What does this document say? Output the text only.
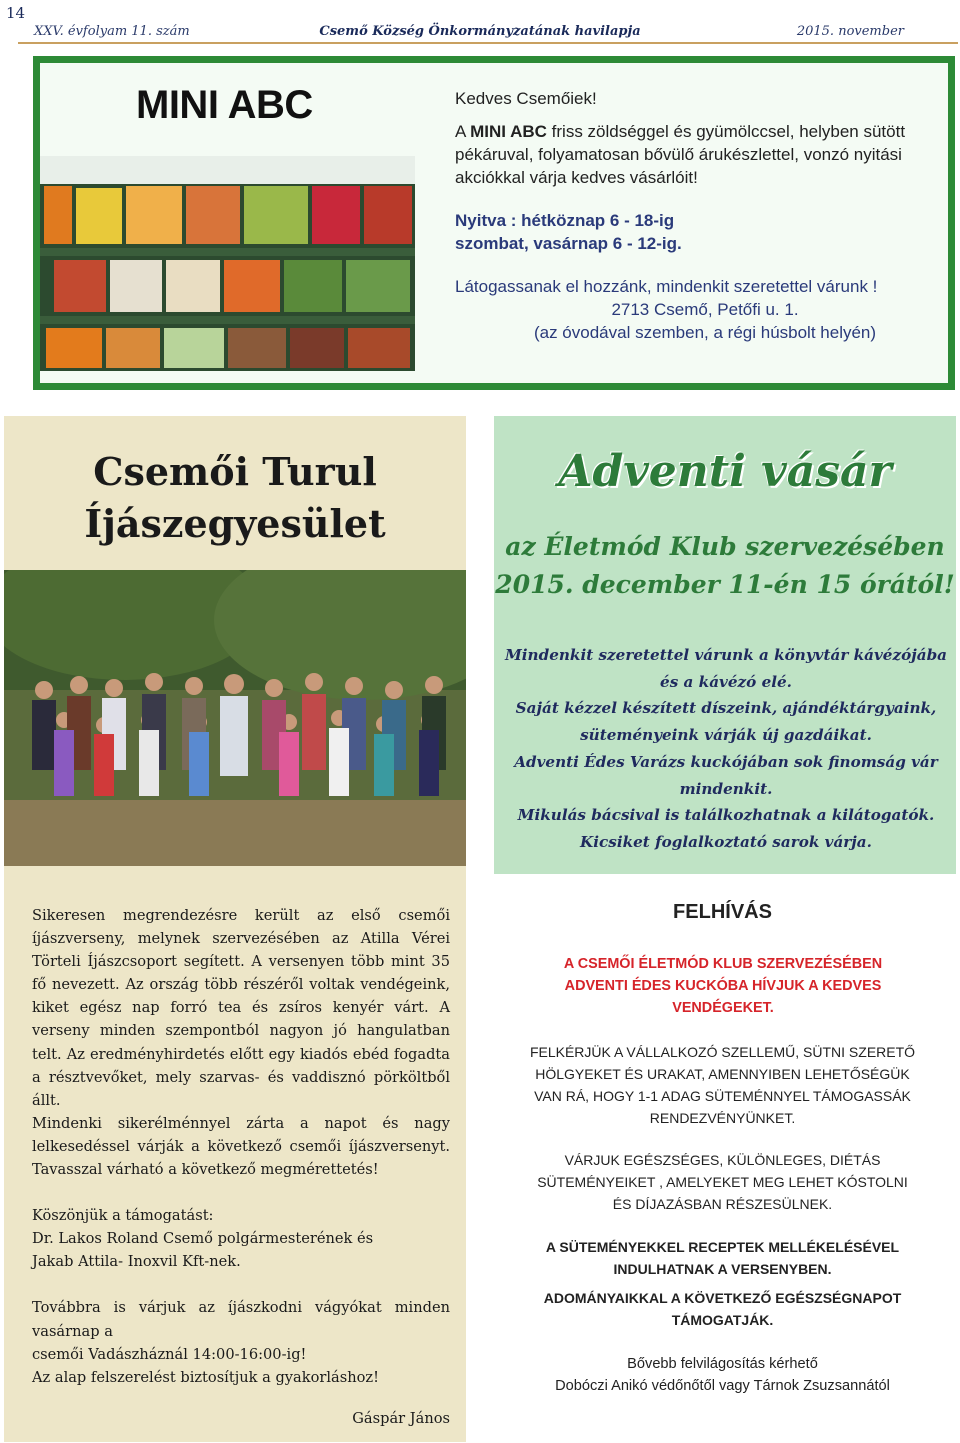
14
XXV. évfolyam 11. szám	Csemő Község Önkormányzatának havilapja	2015. november
MINI ABC	Kedves Csemőiek!

A MINI ABC friss zöldséggel és gyümölccsel, helyben sütött pékáruval, folyamatosan bővülő árukészlettel, vonzó nyitási akciókkal várja kedves vásárlóit!

Nyitva : hétköznap 6 - 18-ig
szombat, vasárnap 6 - 12-ig.

Látogassanak el hozzánk, mindenkit szeretettel várunk !

2713 Csemő, Petőfi u. 1.

(az óvodával szemben, a régi húsbolt helyén)

Csemői Turul
Íjászegyesület

Sikeresen megrendezésre került az első csemői íjászverseny, melynek szervezésében az Atilla Vérei Törteli Íjászcsoport segített. A versenyen több mint 35 fő nevezett. Az ország több részéről voltak vendégeink, kiket egész nap forró tea és zsíros kenyér várt. A verseny minden szempontból nagyon jó hangulatban telt. Az eredményhirdetés előtt egy kiadós ebéd fogadta a résztvevőket, mely szarvas- és vaddisznó pörköltből állt.

Mindenki sikerélménnyel zárta a napot és nagy lelkesedéssel várják a következő csemői íjászversenyt. Tavasszal várható a következő megmérettetés!

Köszönjük a támogatást:

Dr. Lakos Roland Csemő polgármesterének és

Jakab Attila- Inoxvil Kft-nek.

Továbbra is várjuk az íjászkodni vágyókat minden vasárnap a

csemői Vadászháznál 14:00-16:00-ig!

Az alap felszerelést biztosítjuk a gyakorláshoz!

Gáspár János

Adventi vásár
az Életmód Klub szervezésében
2015. december 11-én 15 órától!

Mindenkit szeretettel várunk a könyvtár kávézójába

és a kávézó elé.

Saját kézzel készített díszeink, ajándéktárgyaink, süteményeink várják új gazdáikat.

Adventi Édes Varázs kuckójában sok finomság vár mindenkit.

Mikulás bácsival is találkozhatnak a kilátogatók.

Kicsiket foglalkoztató sarok várja.

FELHÍVÁS
A CSEMŐI ÉLETMÓD KLUB SZERVEZÉSÉBEN ADVENTI ÉDES KUCKÓBA HÍVJUK A KEDVES VENDÉGEKET.
FELKÉRJÜK A VÁLLALKOZÓ SZELLEMŰ, SÜTNI SZERETŐ HÖLGYEKET ÉS URAKAT, AMENNYIBEN LEHETŐSÉGÜK VAN RÁ, HOGY 1-1 ADAG SÜTEMÉNNYEL TÁMOGASSÁK RENDEZVÉNYÜNKET.
VÁRJUK EGÉSZSÉGES, KÜLÖNLEGES, DIÉTÁS SÜTEMÉNYEIKET , AMELYEKET MEG LEHET KÓSTOLNI ÉS DÍJAZÁSBAN RÉSZESÜLNEK.
A SÜTEMÉNYEKKEL RECEPTEK MELLÉKELÉSÉVEL INDULHATNAK A VERSENYBEN.
ADOMÁNYAIKKAL A KÖVETKEZŐ EGÉSZSÉGNAPOT TÁMOGATJÁK.
Bővebb felvilágosítás kérhető
Dobóczi Anikó védőnőtől vagy Tárnok Zsuzsannától
